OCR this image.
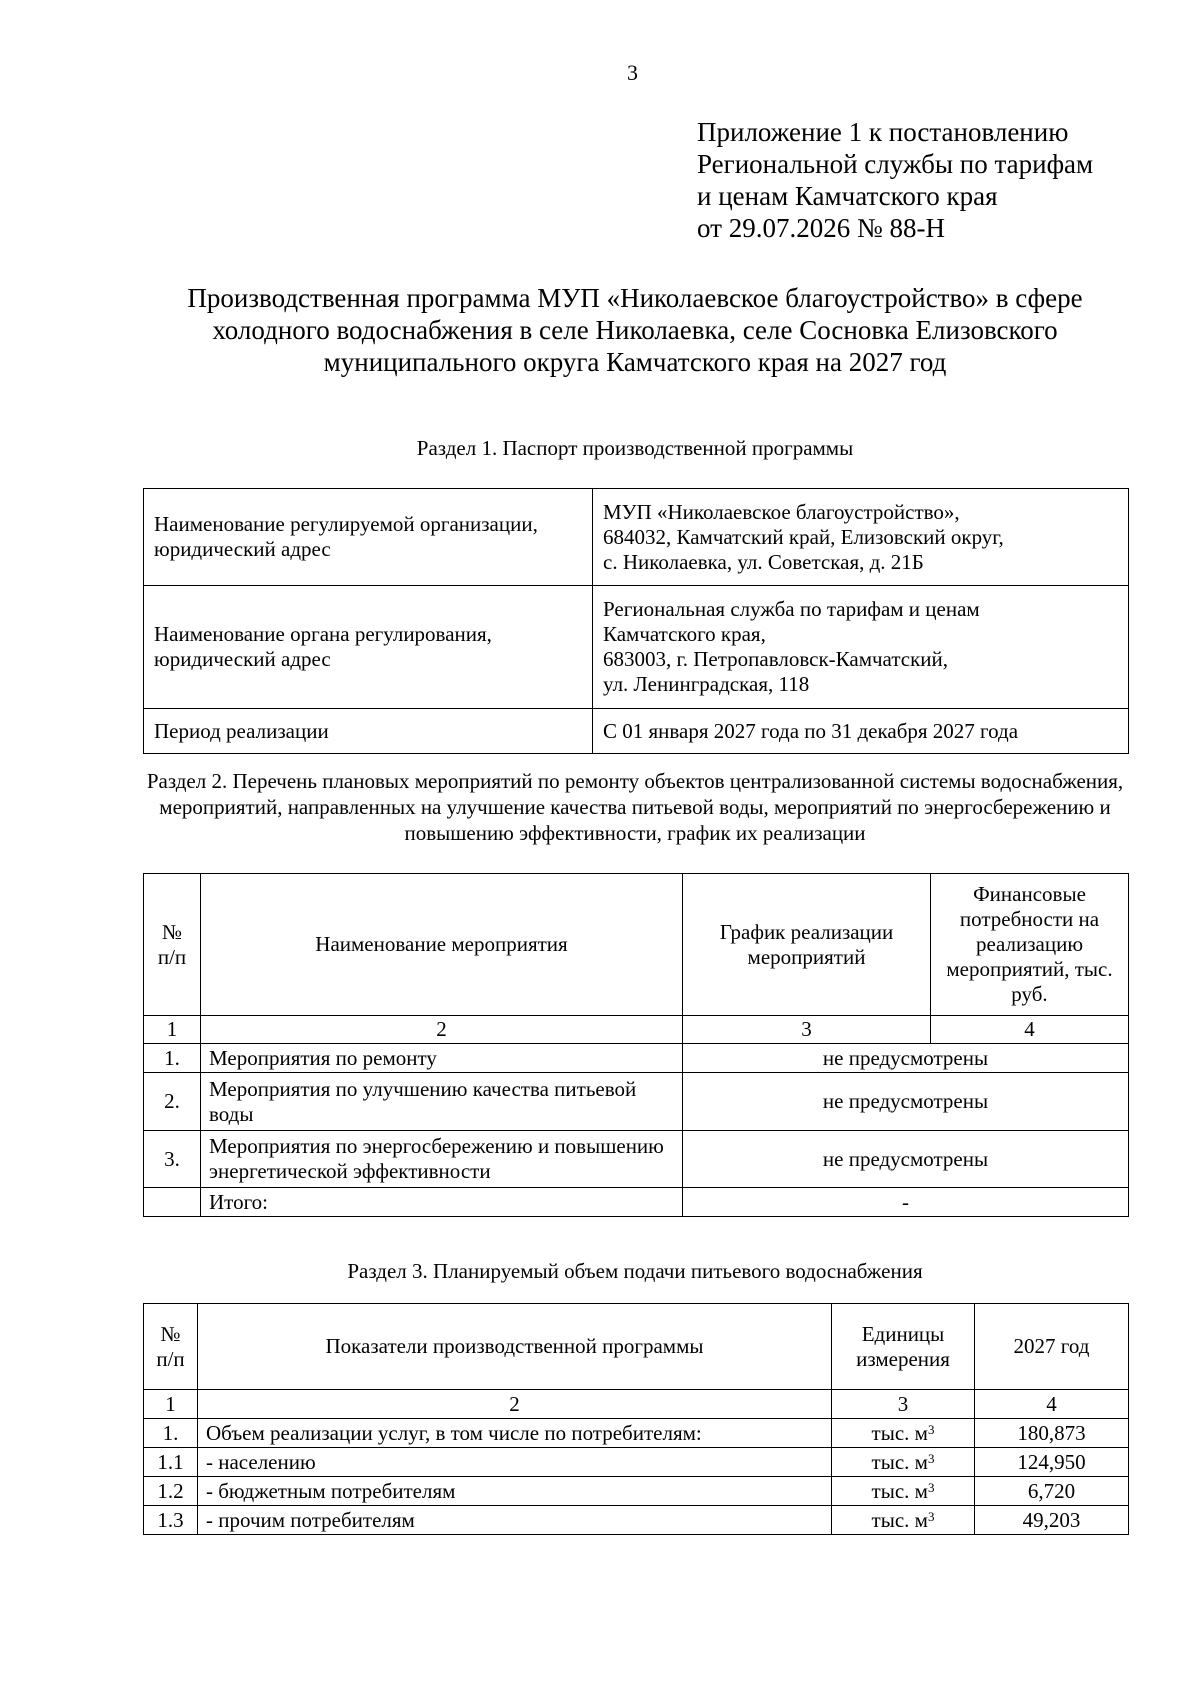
3
Приложение 1 к постановлению
Региональной службы по тарифам
и ценам Камчатского края
от 29.07.2026 № 88-Н
Производственная программа МУП «Николаевское благоустройство» в сфере холодного водоснабжения в селе Николаевка, селе Сосновка Елизовского муниципального округа Камчатского края на 2027 год
Раздел 1. Паспорт производственной программы
Наименование регулируемой организации, юридический адрес	МУП «Николаевское благоустройство»,
684032, Камчатский край, Елизовский округ,
с. Николаевка, ул. Советская, д. 21Б

Наименование органа регулирования, юридический адрес	Региональная служба по тарифам и ценам
Камчатского края,
683003, г. Петропавловск-Камчатский,
ул. Ленинградская, 118

Период реализации	С 01 января 2027 года по 31 декабря 2027 года
Раздел 2. Перечень плановых мероприятий по ремонту объектов централизованной системы водоснабжения, мероприятий, направленных на улучшение качества питьевой воды, мероприятий по энергосбережению и повышению эффективности, график их реализации
№ п/п	Наименование мероприятия	График реализации мероприятий	Финансовые потребности на реализацию мероприятий, тыс. руб.
1	2	3	4
1.	Мероприятия по ремонту	не предусмотрены	
2.	Мероприятия по улучшению качества питьевой воды	не предусмотрены	
3.	Мероприятия по энергосбережению и повышению энергетической эффективности	не предусмотрены	
	Итого:	-	
Раздел 3. Планируемый объем подачи питьевого водоснабжения
№ п/п	Показатели производственной программы	Единицы измерения	2027 год
1	2	3	4
1.	Объем реализации услуг, в том числе по потребителям:	тыс. $м^3$	180,873
1.1	- населению	тыс. $м^3$	124,950
1.2	- бюджетным потребителям	тыс. $м^3$	6,720
1.3	- прочим потребителям	тыс. $м^3$	49,203
